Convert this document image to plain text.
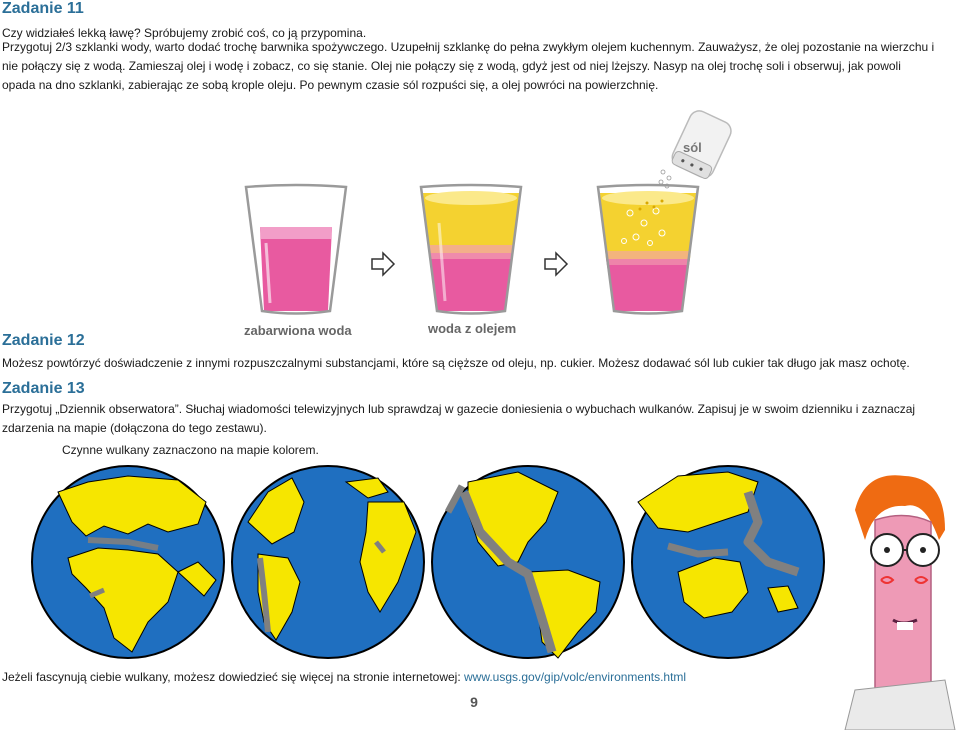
Zadanie 11

Czy widziałeś lekką ławę? Spróbujemy zrobić coś, co ją przypomina.

Przygotuj 2/3 szklanki wody, warto dodać trochę barwnika spożywczego. Uzupełnij szklankę do pełna zwykłym olejem kuchennym. Zauważysz, że olej pozostanie na wierzchu i nie połączy się z wodą. Zamieszaj olej i wodę i zobacz, co się stanie. Olej nie połączy się z wodą, gdyż jest od niej lżejszy. Nasyp na olej trochę soli i obserwuj, jak powoli opada na dno szklanki, zabierając ze sobą krople oleju. Po pewnym czasie sól rozpuści się, a olej powróci na powierzchnię.

sól
zabarwiona woda	woda z olejem
Zadanie 12

Możesz powtórzyć doświadczenie z innymi rozpuszczalnymi substancjami, które są cięższe od oleju, np. cukier. Możesz dodawać sól lub cukier tak długo jak masz ochotę.

Zadanie 13

Przygotuj „Dziennik obserwatora”. Słuchaj wiadomości telewizyjnych lub sprawdzaj w gazecie doniesienia o wybuchach wulkanów. Zapisuj je w swoim dzienniku i zaznaczaj zdarzenia na mapie (dołączona do tego zestawu).

Czynne wulkany zaznaczono na mapie kolorem.

Jeżeli fascynują ciebie wulkany, możesz dowiedzieć się więcej na stronie internetowej: www.usgs.gov/gip/volc/environments.html

9
